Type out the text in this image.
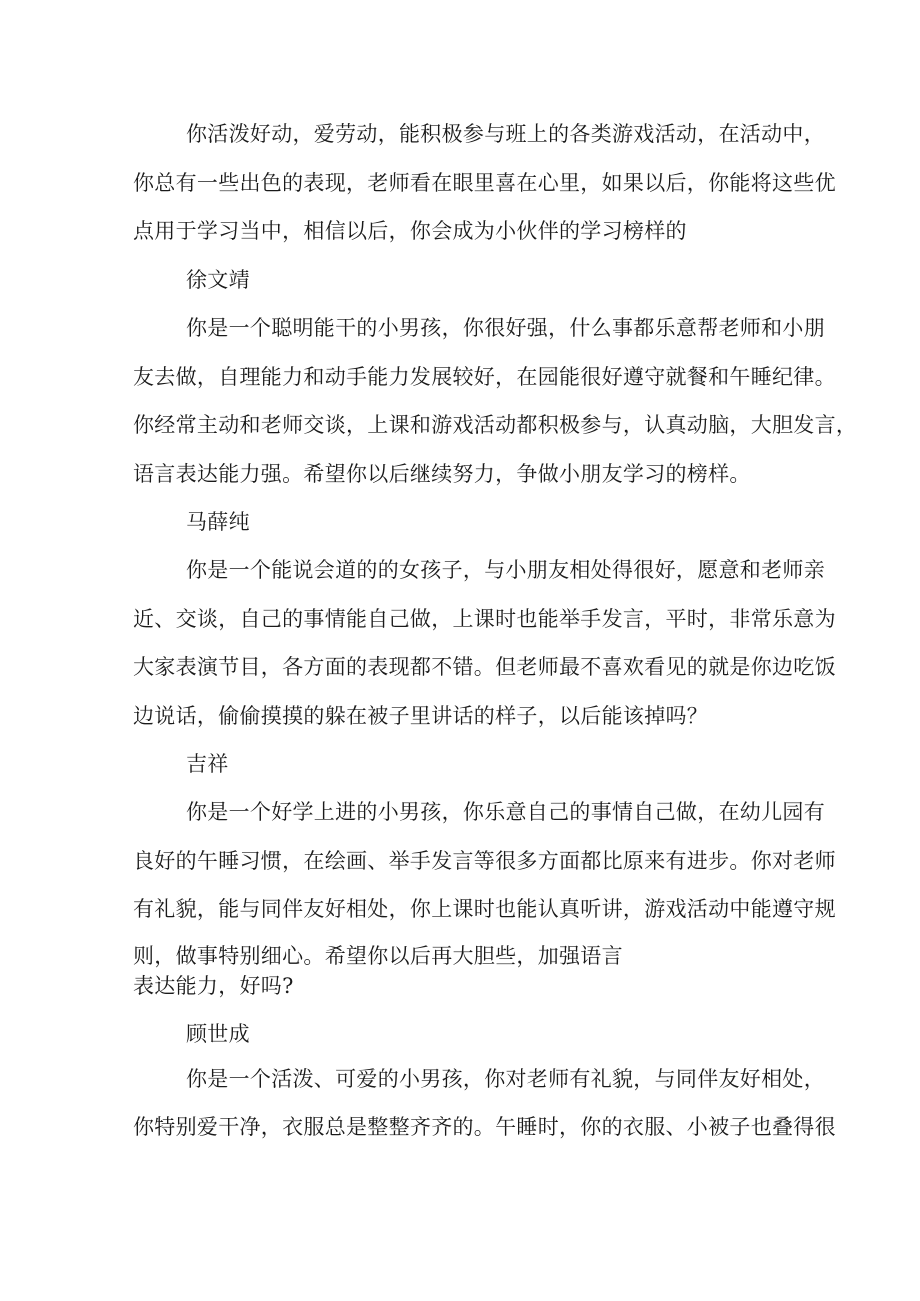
你活泼好动，爱劳动，能积极参与班上的各类游戏活动，在活动中，
你总有一些出色的表现，老师看在眼里喜在心里，如果以后，你能将这些优
点用于学习当中，相信以后，你会成为小伙伴的学习榜样的
徐文靖
你是一个聪明能干的小男孩，你很好强，什么事都乐意帮老师和小朋
友去做，自理能力和动手能力发展较好，在园能很好遵守就餐和午睡纪律。
你经常主动和老师交谈，上课和游戏活动都积极参与，认真动脑，大胆发言，
语言表达能力强。希望你以后继续努力，争做小朋友学习的榜样。
马薛纯
你是一个能说会道的的女孩子，与小朋友相处得很好，愿意和老师亲
近、交谈，自己的事情能自己做，上课时也能举手发言，平时，非常乐意为
大家表演节目，各方面的表现都不错。但老师最不喜欢看见的就是你边吃饭
边说话，偷偷摸摸的躲在被子里讲话的样子，以后能该掉吗？
吉祥
你是一个好学上进的小男孩，你乐意自己的事情自己做，在幼儿园有
良好的午睡习惯，在绘画、举手发言等很多方面都比原来有进步。你对老师
有礼貌，能与同伴友好相处，你上课时也能认真听讲，游戏活动中能遵守规
则，做事特别细心。希望你以后再大胆些，加强语言
表达能力，好吗?
顾世成
你是一个活泼、可爱的小男孩，你对老师有礼貌，与同伴友好相处，
你特别爱干净，衣服总是整整齐齐的。午睡时，你的衣服、小被子也叠得很
